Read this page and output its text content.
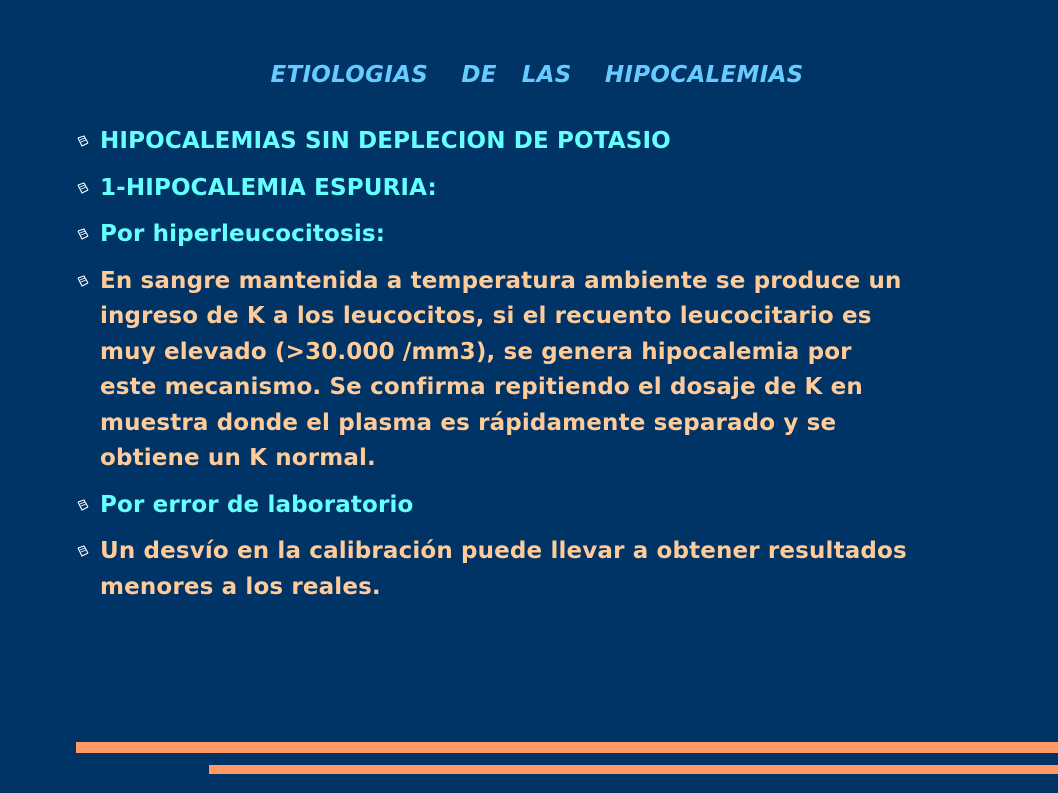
ETIOLOGIAS    DE   LAS    HIPOCALEMIAS
HIPOCALEMIAS SIN DEPLECION DE POTASIO
1-HIPOCALEMIA ESPURIA:
Por hiperleucocitosis:
En sangre mantenida a temperatura ambiente se produce un
ingreso de K a los leucocitos, si el recuento leucocitario es
muy elevado (>30.000 /mm3), se genera hipocalemia por
este mecanismo. Se confirma repitiendo el dosaje de K en
muestra donde el plasma es rápidamente separado y se
obtiene un K normal.
Por error de laboratorio
Un desvío en la calibración puede llevar a obtener resultados
menores a los reales.
